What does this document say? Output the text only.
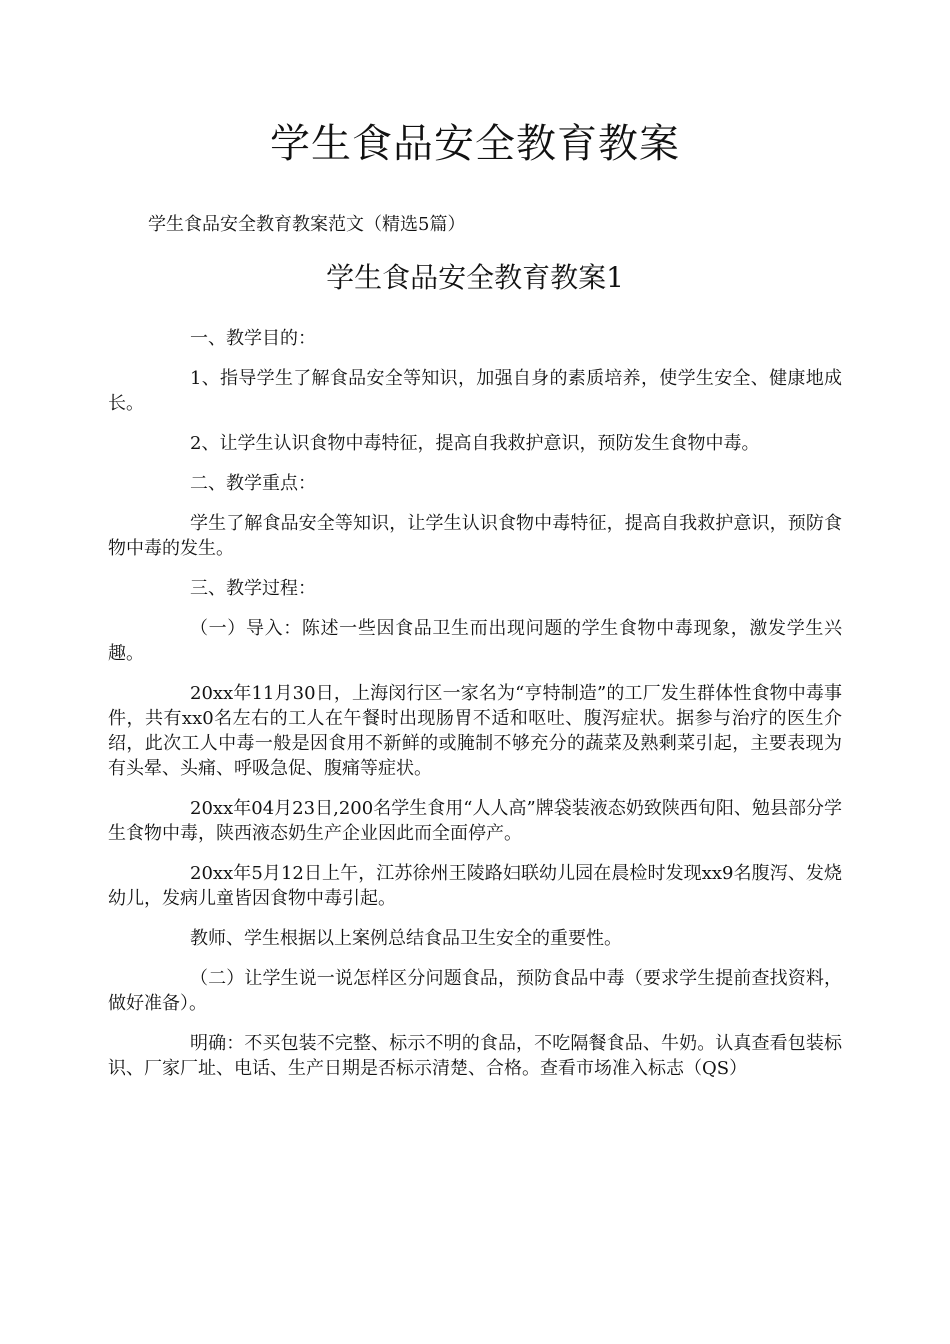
学生食品安全教育教案
学生食品安全教育教案范文（精选5篇）
学生食品安全教育教案1

一、教学目的：

1、指导学生了解食品安全等知识，加强自身的素质培养，使学生安全、健康地成长。

2、让学生认识食物中毒特征，提高自我救护意识，预防发生食物中毒。

二、教学重点：

学生了解食品安全等知识，让学生认识食物中毒特征，提高自我救护意识，预防食物中毒的发生。

三、教学过程：

（一）导入：陈述一些因食品卫生而出现问题的学生食物中毒现象，激发学生兴趣。

20xx年11月30日，上海闵行区一家名为“亨特制造”的工厂发生群体性食物中毒事件，共有xx0名左右的工人在午餐时出现肠胃不适和呕吐、腹泻症状。据参与治疗的医生介绍，此次工人中毒一般是因食用不新鲜的或腌制不够充分的蔬菜及熟剩菜引起，主要表现为有头晕、头痛、呼吸急促、腹痛等症状。

20xx年04月23日,200名学生食用“人人高”牌袋装液态奶致陕西旬阳、勉县部分学生食物中毒，陕西液态奶生产企业因此而全面停产。

20xx年5月12日上午，江苏徐州王陵路妇联幼儿园在晨检时发现xx9名腹泻、发烧幼儿，发病儿童皆因食物中毒引起。

教师、学生根据以上案例总结食品卫生安全的重要性。

（二）让学生说一说怎样区分问题食品，预防食品中毒（要求学生提前查找资料，做好准备）。

明确：不买包装不完整、标示不明的食品，不吃隔餐食品、牛奶。认真查看包装标识、厂家厂址、电话、生产日期是否标示清楚、合格。查看市场准入标志（QS）
